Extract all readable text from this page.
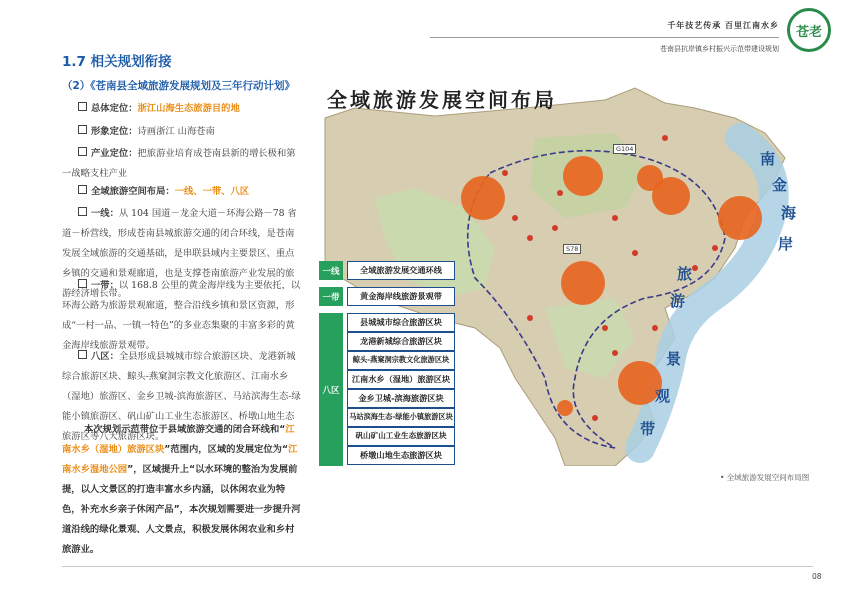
千年技艺传承 百里江南水乡
苍南县抗岸镇乡村振兴示范带建设规划
苍老
1.7 相关规划衔接
（2）《苍南县全域旅游发展规划及三年行动计划》
总体定位：浙江山海生态旅游目的地
形象定位：诗画浙江 山海苍南
产业定位：把旅游业培育成苍南县新的增长极和第一战略支柱产业
全域旅游空间布局：一线、一带、八区
一线：从 104 国道－龙金大道－环海公路－78 省道－桥营线，形成苍南县城旅游交通的闭合环线，是苍南发展全域旅游的交通基础，是串联县域内主要景区、重点乡镇的交通和景观廊道，也是支撑苍南旅游产业发展的旅游经济增长带。
一带：以 168.8 公里的黄金海岸线为主要依托，以环海公路为旅游景观廊道，整合沿线乡镇和景区资源，形成“一村一品、一镇一特色”的多业态集聚的丰富多彩的黄金海岸线旅游景观带。
八区：全县形成县城城市综合旅游区块、龙港新城综合旅游区块、鲸头-燕窠洞宗教文化旅游区、江南水乡（湿地）旅游区、金乡卫城-滨海旅游区、马站滨海生态-绿能小镇旅游区、矾山矿山工业生态旅游区、桥墩山地生态旅游区等八大旅游区块。
本次规划示范带位于县域旅游交通的闭合环线和“江南水乡（湿地）旅游区块”范围内，区域的发展定位为“江南水乡湿地公园”，区域提升上“以水环境的整治为发展前提，以人文景区的打造丰富水乡内涵，以休闲农业为特色，补充水乡亲子休闲产品”，本次规划需要进一步提升河道沿线的绿化景观、人文景点，积极发展休闲农业和乡村旅游业。
全域旅游发展空间布局
G104
S78
南
金
海
岸
旅
游
景
观
带
一线
一带
八区
全域旅游发展交通环线
黄金海岸线旅游景观带
县城城市综合旅游区块
龙港新城综合旅游区块
鲸头-燕窠洞宗教文化旅游区块
江南水乡（湿地）旅游区块
金乡卫城-滨海旅游区块
马站滨海生态-绿能小镇旅游区块
矾山矿山工业生态旅游区块
桥墩山地生态旅游区块
• 全域旅游发展空间布局图
08
